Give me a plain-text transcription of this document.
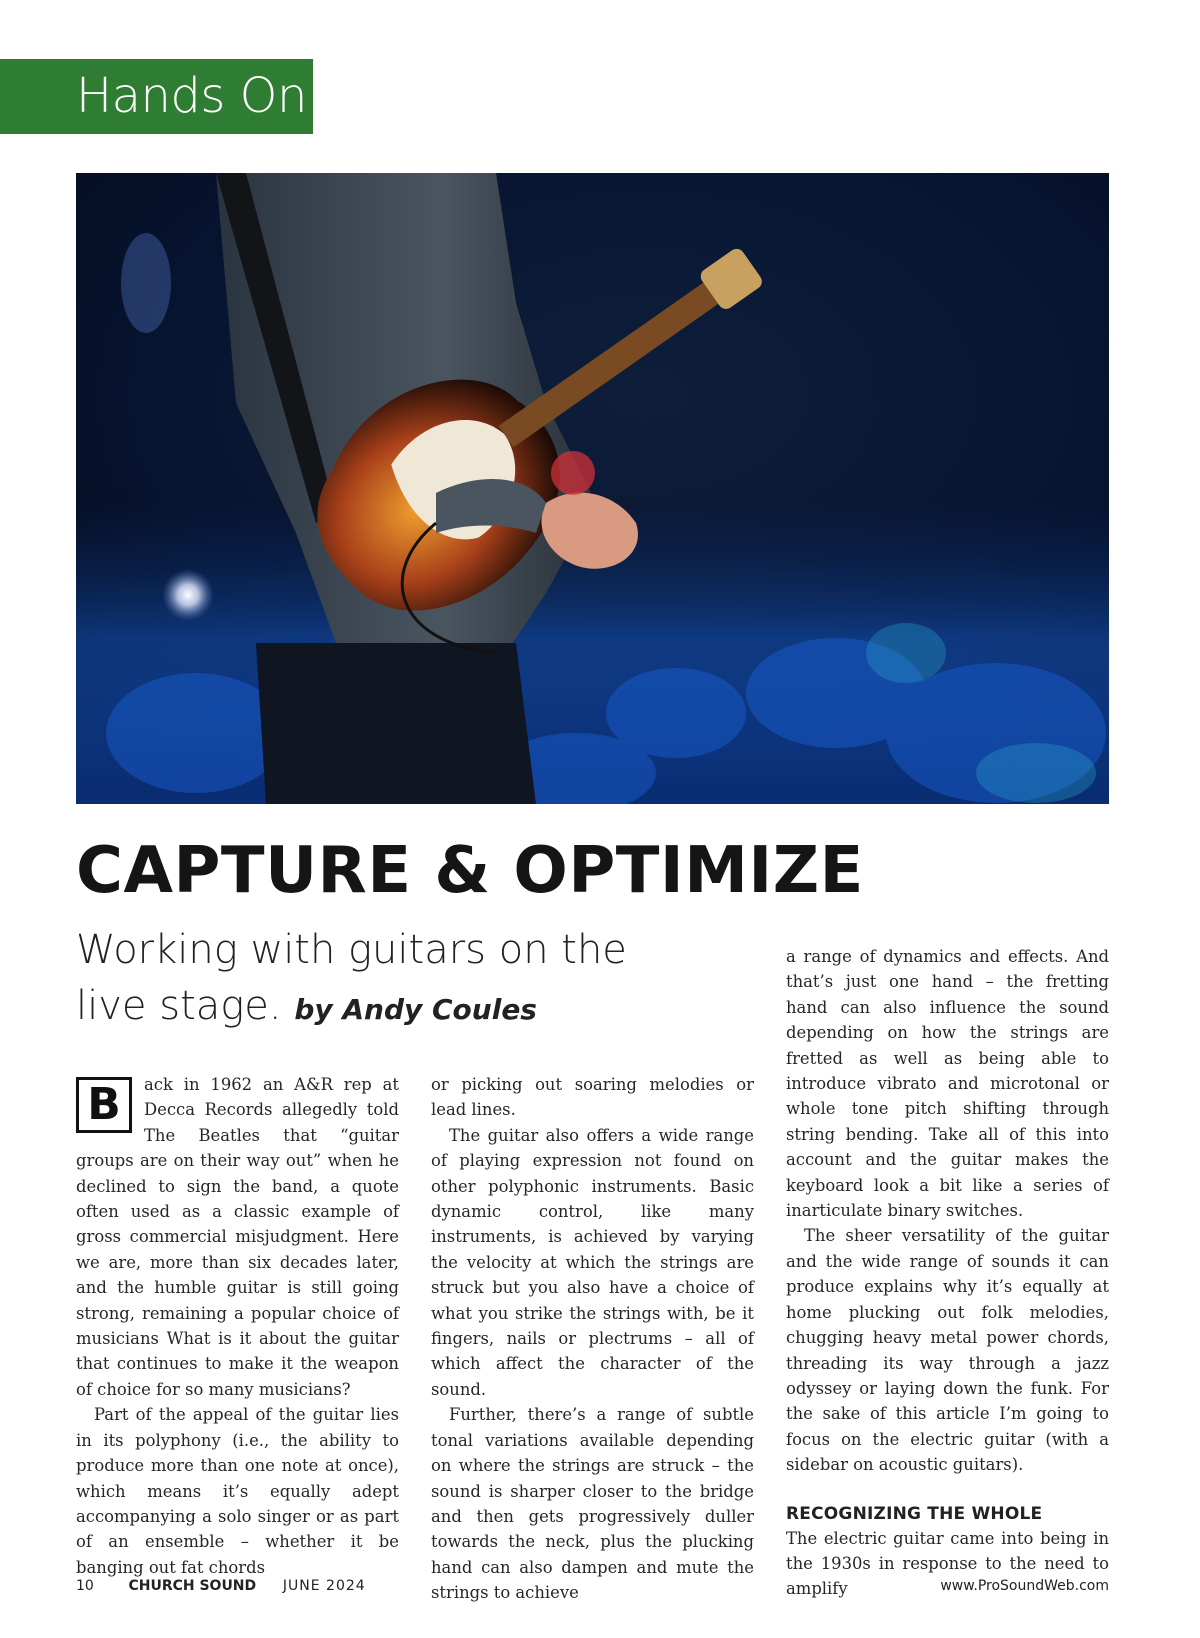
Hands On
CAPTURE & OPTIMIZE
Working with guitars on the live stage. by Andy Coules
B	ack in 1962 an A&R rep at Decca Records allegedly told The Beatles that “guitar groups are on their way out” when he declined to sign the band, a quote often used as a classic example of gross commercial misjudgment. Here we are, more than six decades later, and the humble guitar is still going strong, remaining a popular choice of musicians What is it about the guitar that continues to make it the weapon of choice for so many musicians?

Part of the appeal of the guitar lies in its polyphony (i.e., the ability to produce more than one note at once), which means it’s equally adept accompanying a solo singer or as part of an ensemble – whether it be banging out fat chords

or picking out soaring melodies or lead lines.

The guitar also offers a wide range of playing expression not found on other polyphonic instruments. Basic dynamic control, like many instruments, is achieved by varying the velocity at which the strings are struck but you also have a choice of what you strike the strings with, be it fingers, nails or plectrums – all of which affect the character of the sound.

Further, there’s a range of subtle tonal variations available depending on where the strings are struck – the sound is sharper closer to the bridge and then gets progressively duller towards the neck, plus the plucking hand can also dampen and mute the strings to achieve

a range of dynamics and effects. And that’s just one hand – the fretting hand can also influence the sound depending on how the strings are fretted as well as being able to introduce vibrato and microtonal or whole tone pitch shifting through string bending. Take all of this into account and the guitar makes the keyboard look a bit like a series of inarticulate binary switches.

The sheer versatility of the guitar and the wide range of sounds it can produce explains why it’s equally at home plucking out folk melodies, chugging heavy metal power chords, threading its way through a jazz odyssey or laying down the funk. For the sake of this article I’m going to focus on the electric guitar (with a sidebar on acoustic guitars).

RECOGNIZING THE WHOLE

The electric guitar came into being in the 1930s in response to the need to amplify

10 CHURCH SOUND JUNE 2024	www.ProSoundWeb.com
